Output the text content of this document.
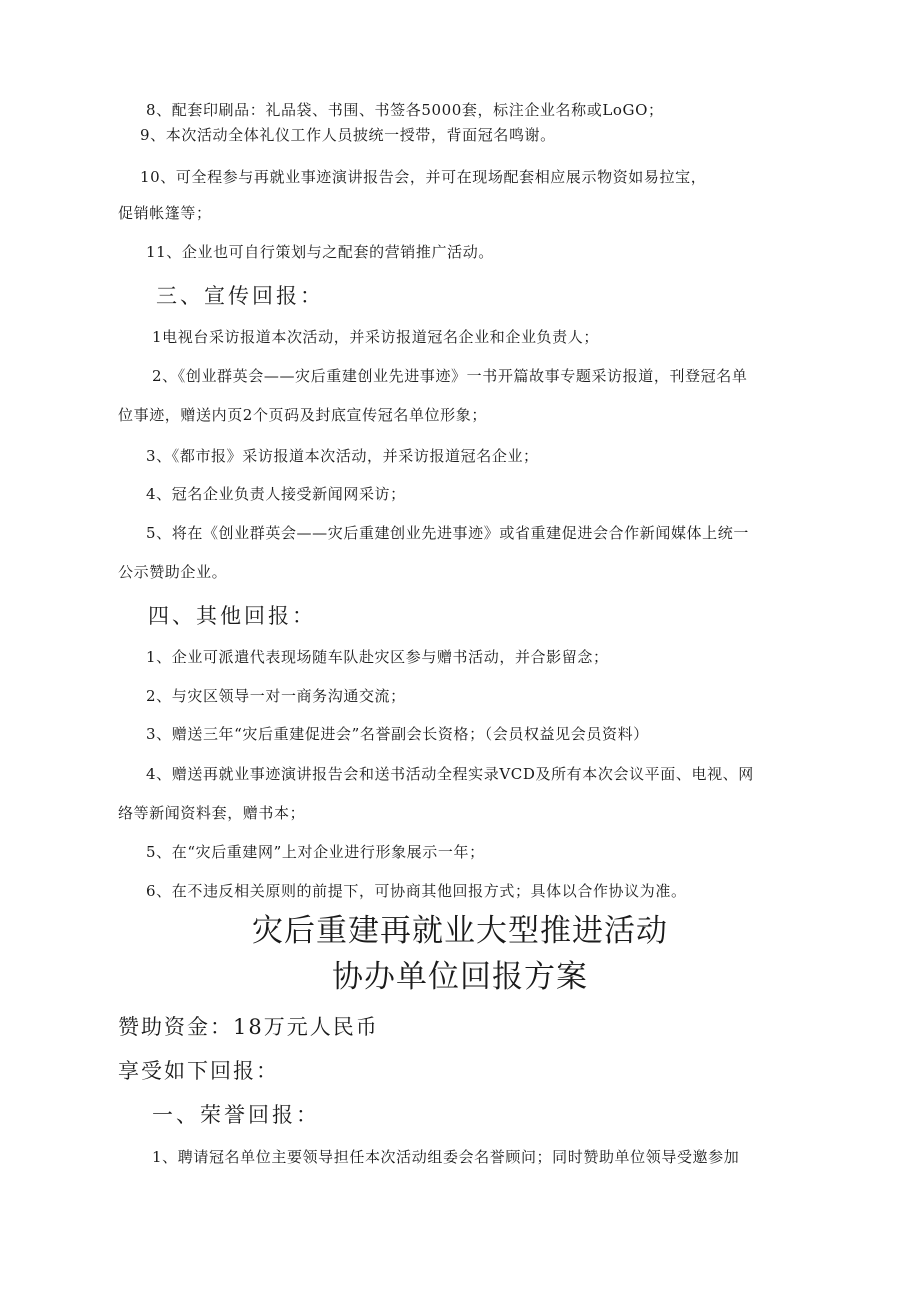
8、配套印刷品：礼品袋、书围、书签各5000套，标注企业名称或LoGO；
9、本次活动全体礼仪工作人员披统一授带，背面冠名鸣谢。
10、可全程参与再就业事迹演讲报告会，并可在现场配套相应展示物资如易拉宝，
促销帐篷等；
11、企业也可自行策划与之配套的营销推广活动。
三、宣传回报：
1电视台采访报道本次活动，并采访报道冠名企业和企业负责人；
2、《创业群英会——灾后重建创业先进事迹》一书开篇故事专题采访报道，刊登冠名单
位事迹，赠送内页2个页码及封底宣传冠名单位形象；
3、《都市报》采访报道本次活动，并采访报道冠名企业；
4、冠名企业负责人接受新闻网采访；
5、将在《创业群英会——灾后重建创业先进事迹》或省重建促进会合作新闻媒体上统一
公示赞助企业。
四、其他回报：
1、企业可派遣代表现场随车队赴灾区参与赠书活动，并合影留念；
2、与灾区领导一对一商务沟通交流；
3、赠送三年“灾后重建促进会”名誉副会长资格；（会员权益见会员资料）
4、赠送再就业事迹演讲报告会和送书活动全程实录VCD及所有本次会议平面、电视、网
络等新闻资料套，赠书本；
5、在“灾后重建网”上对企业进行形象展示一年；
6、在不违反相关原则的前提下，可协商其他回报方式；具体以合作协议为准。
灾后重建再就业大型推进活动
协办单位回报方案
赞助资金：18万元人民币
享受如下回报：
一、荣誉回报：
1、聘请冠名单位主要领导担任本次活动组委会名誉顾问；同时赞助单位领导受邀参加
